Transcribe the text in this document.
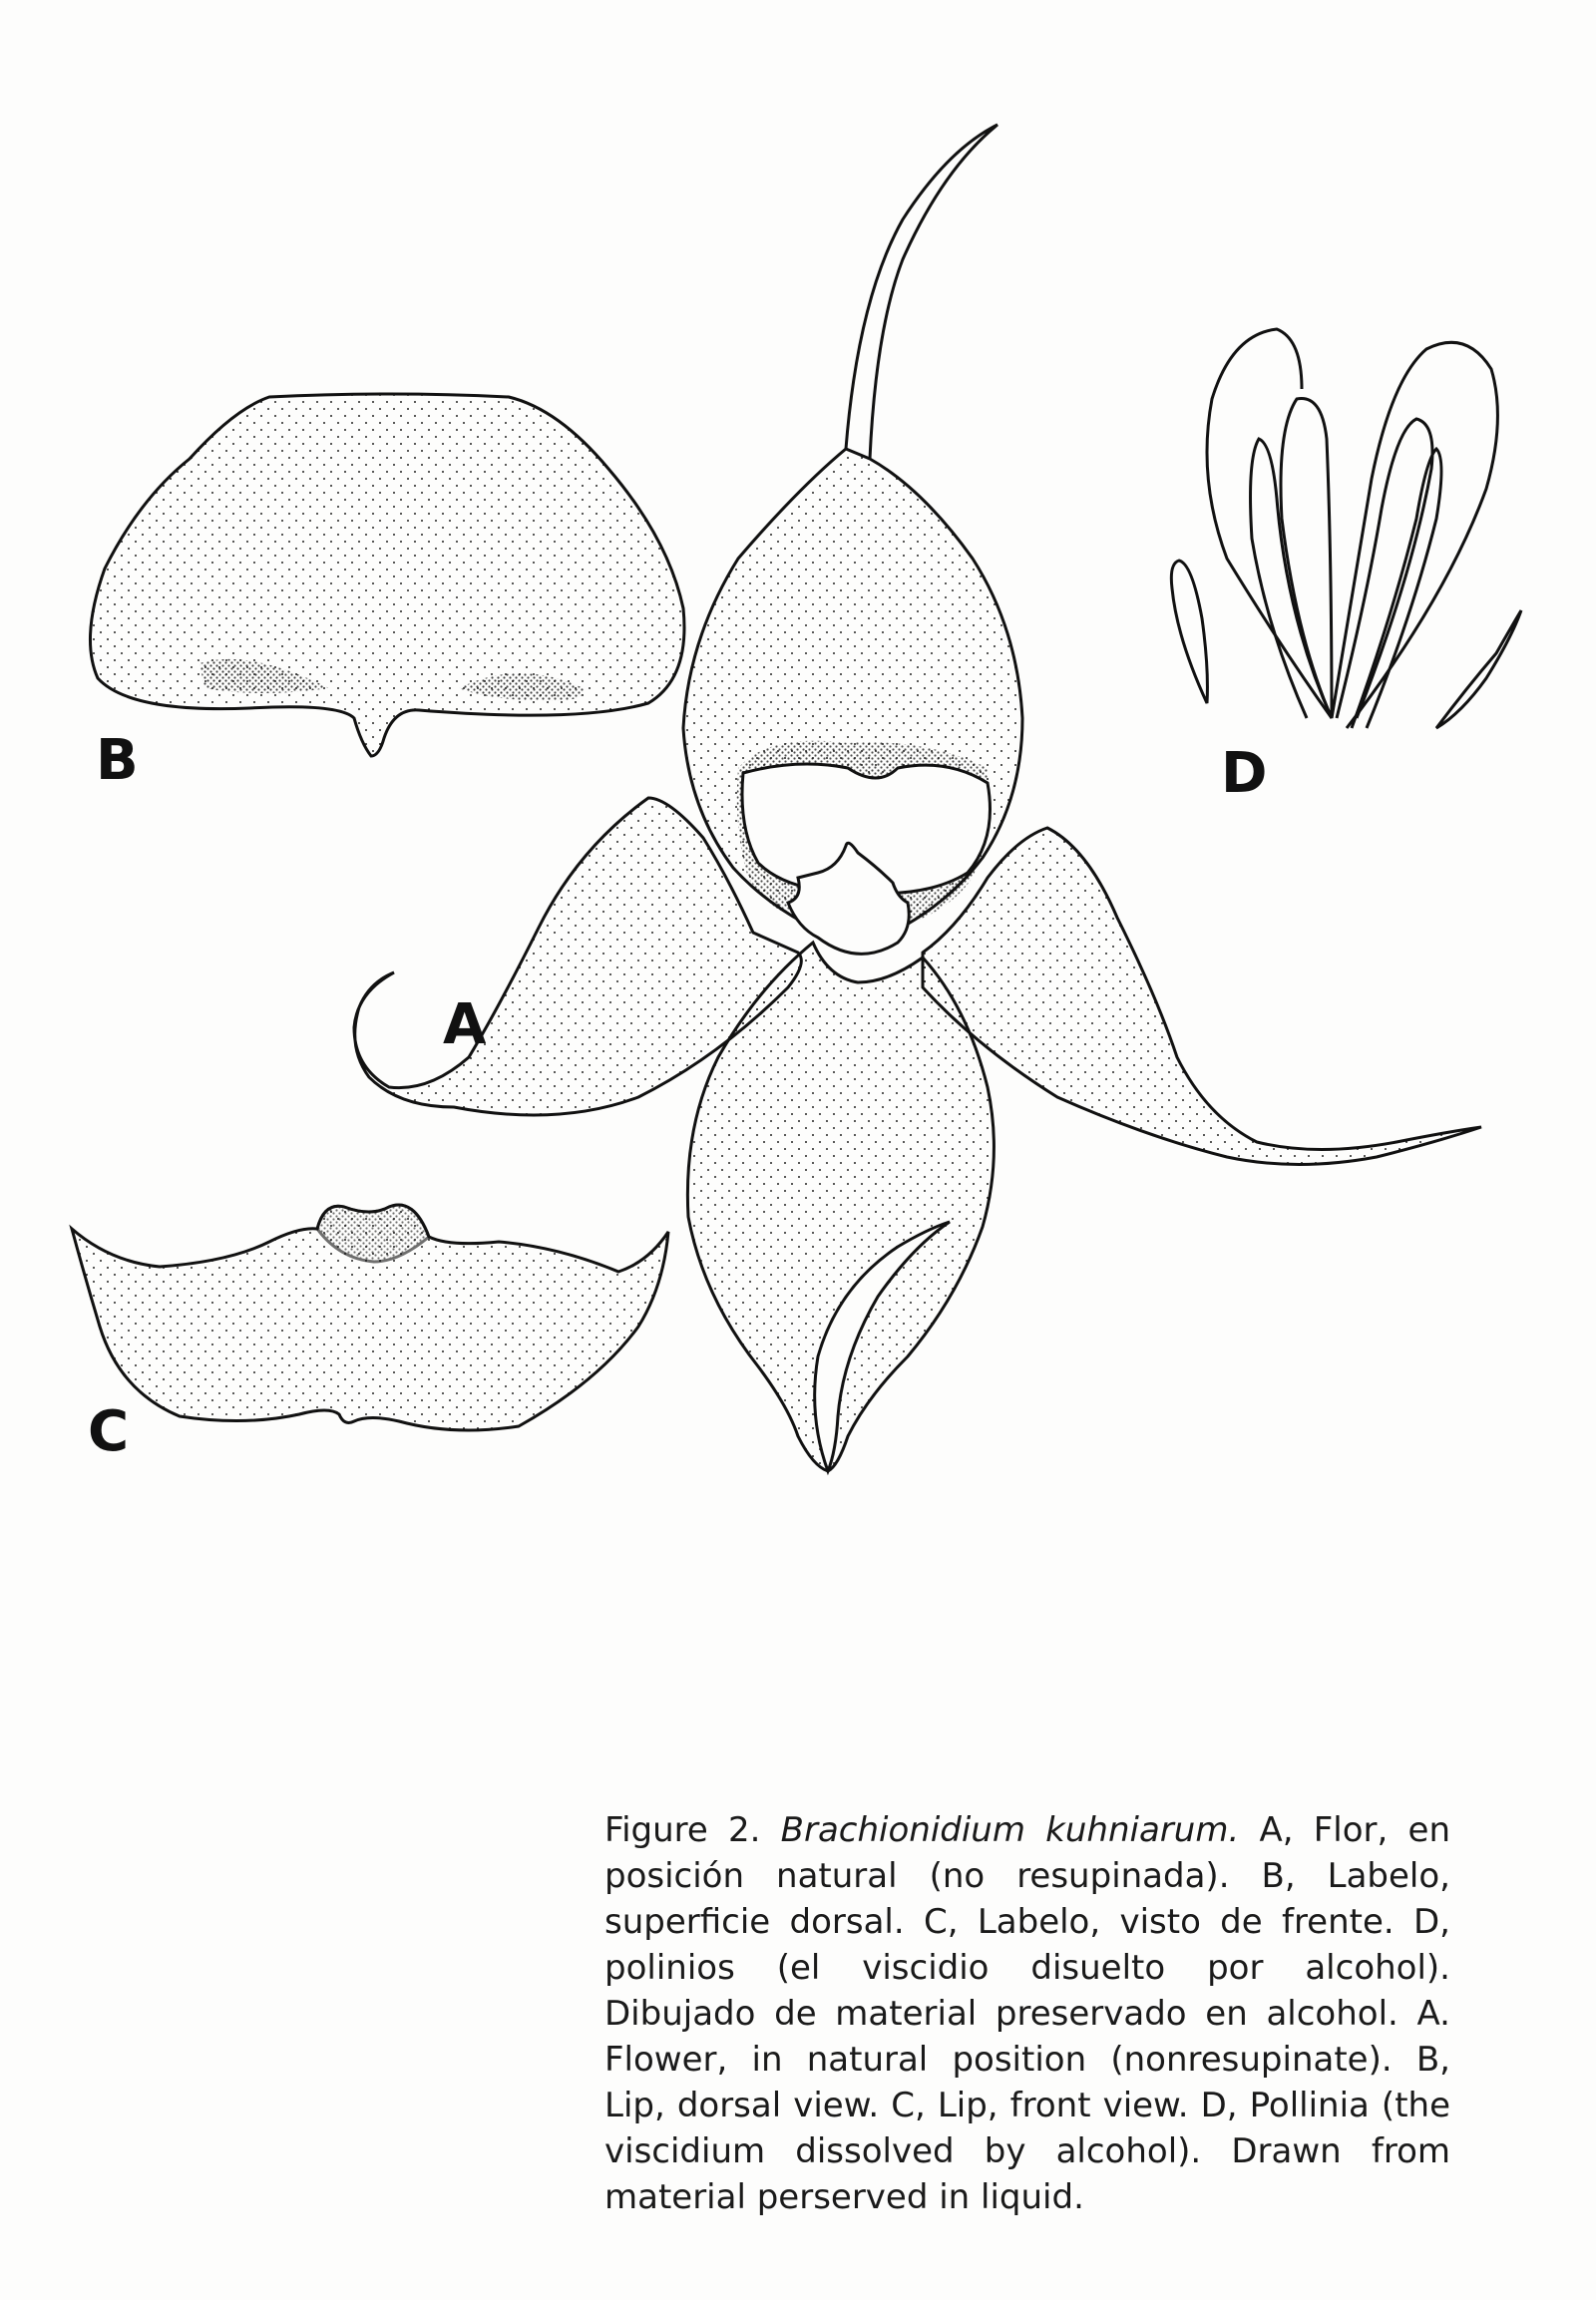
B
A
C
D
Figure 2. Brachionidium kuhniarum. A, Flor, en posición natural (no resupinada). B, Labelo, superficie dorsal. C, Labelo, visto de frente. D, polinios (el viscidio disuelto por alcohol). Dibujado de material preservado en alcohol. A. Flower, in natural position (nonresupinate). B, Lip, dorsal view. C, Lip, front view. D, Pollinia (the viscidium dissolved by alcohol). Drawn from material perserved in liquid.
